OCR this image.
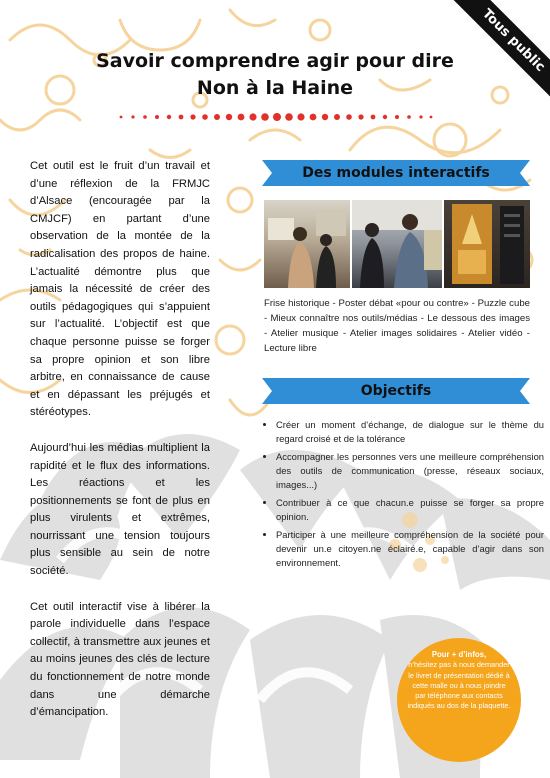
Tous public
Savoir comprendre agir pour dire
Non à la Haine

Cet outil est le fruit d’un travail et d’une réflexion de la FRMJC d’Alsace (encouragée par la CMJCF) en partant d’une observation de la montée de la radicalisation des propos de haine. L’actualité démontre plus que jamais la nécessité de créer des outils pédagogiques qui s’appuient sur l’actualité. L’objectif est que chaque personne puisse se forger sa propre opinion et son libre arbitre, en connaissance de cause et en dépassant les préjugés et stéréotypes.

Aujourd’hui les médias multiplient la rapidité et le flux des informations. Les réactions et les positionnements se font de plus en plus virulents et extrêmes, nourrissant une tension toujours plus sensible au sein de notre société.

Cet outil interactif vise à libérer la parole individuelle dans l’espace collectif, à transmettre aux jeunes et au moins jeunes des clés de lecture du fonctionnement de notre monde dans une démarche d’émancipation.

Des modules interactifs
Frise historique - Poster débat «pour ou contre» - Puzzle cube - Mieux connaître nos outils/médias - Le dessous des images - Atelier musique - Atelier images solidaires - Atelier vidéo - Lecture libre
Objectifs
• Créer un moment d’échange, de dialogue sur le thème du regard croisé et de la tolérance
• Accompagner les personnes vers une meilleure compréhension des outils de communication (presse, réseaux sociaux, images...)
• Contribuer à ce que chacun.e puisse se forger sa propre opinion.
• Participer à une meilleure compréhension de la société pour devenir un.e citoyen.ne éclairé.e, capable d’agir dans son environnement.
Pour + d’infos,
n’hésitez pas à nous demander le livret de présentation dédié à cette malle ou à nous joindre par téléphone aux contacts indiqués au dos de la plaquette.
